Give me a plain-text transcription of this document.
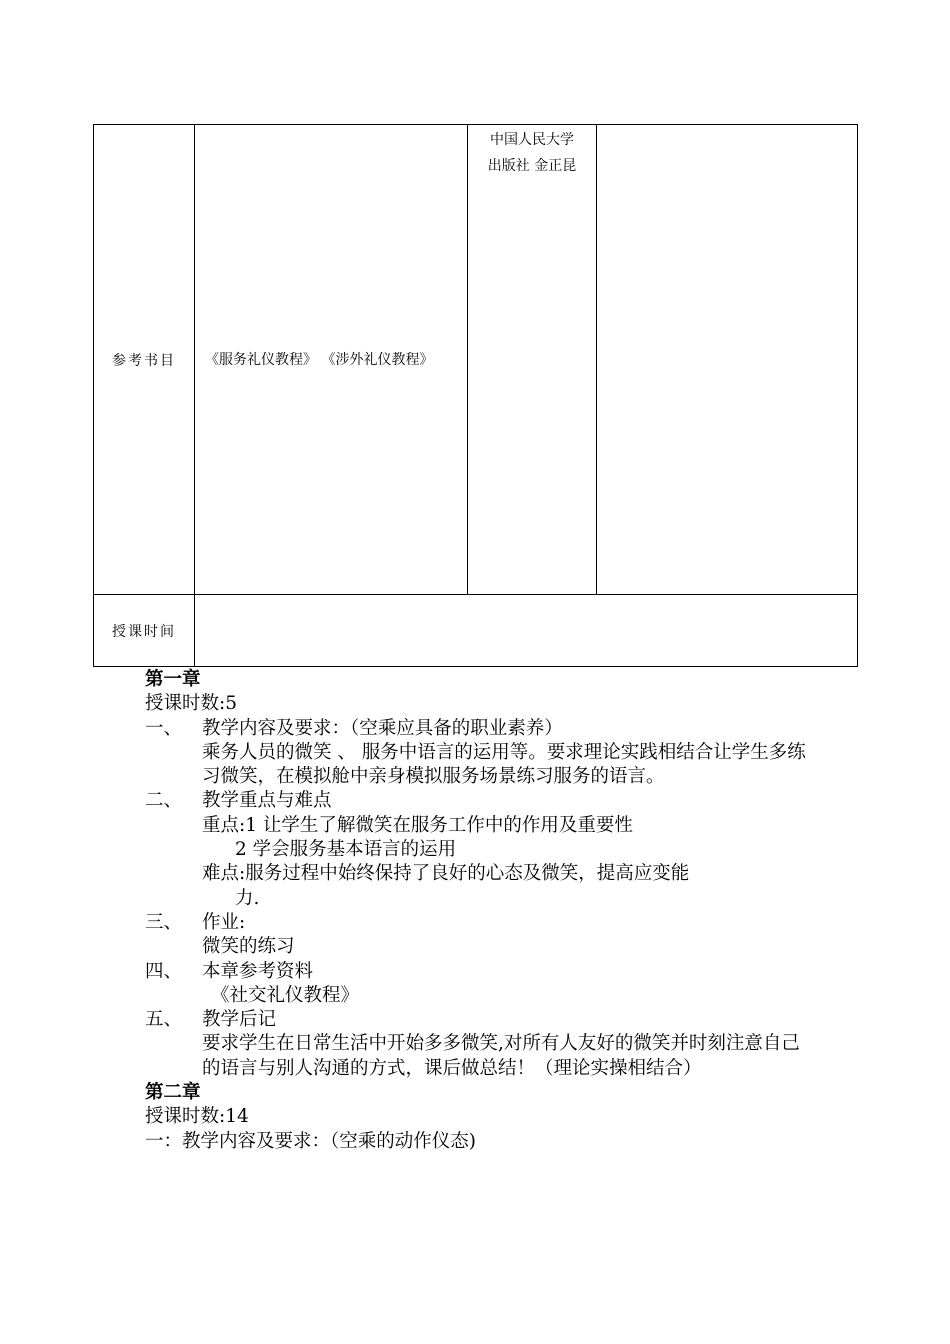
参考书目	《服务礼仪教程》 《涉外礼仪教程》	中国人民大学
出版社 金正昆	

授课时间			
第一章
授课时数:5
一、 教学内容及要求：（空乘应具备的职业素养）
乘务人员的微笑 、 服务中语言的运用等。要求理论实践相结合让学生多练习微笑，在模拟舱中亲身模拟服务场景练习服务的语言。
二、 教学重点与难点
重点:1 让学生了解微笑在服务工作中的作用及重要性
2 学会服务基本语言的运用
难点:服务过程中始终保持了良好的心态及微笑，提高应变能
力.
三、 作业:
微笑的练习
四、 本章参考资料
《社交礼仪教程》
五、 教学后记
要求学生在日常生活中开始多多微笑,对所有人友好的微笑并时刻注意自己的语言与别人沟通的方式，课后做总结！（理论实操相结合）
第二章
授课时数:14
一：教学内容及要求：（空乘的动作仪态)
